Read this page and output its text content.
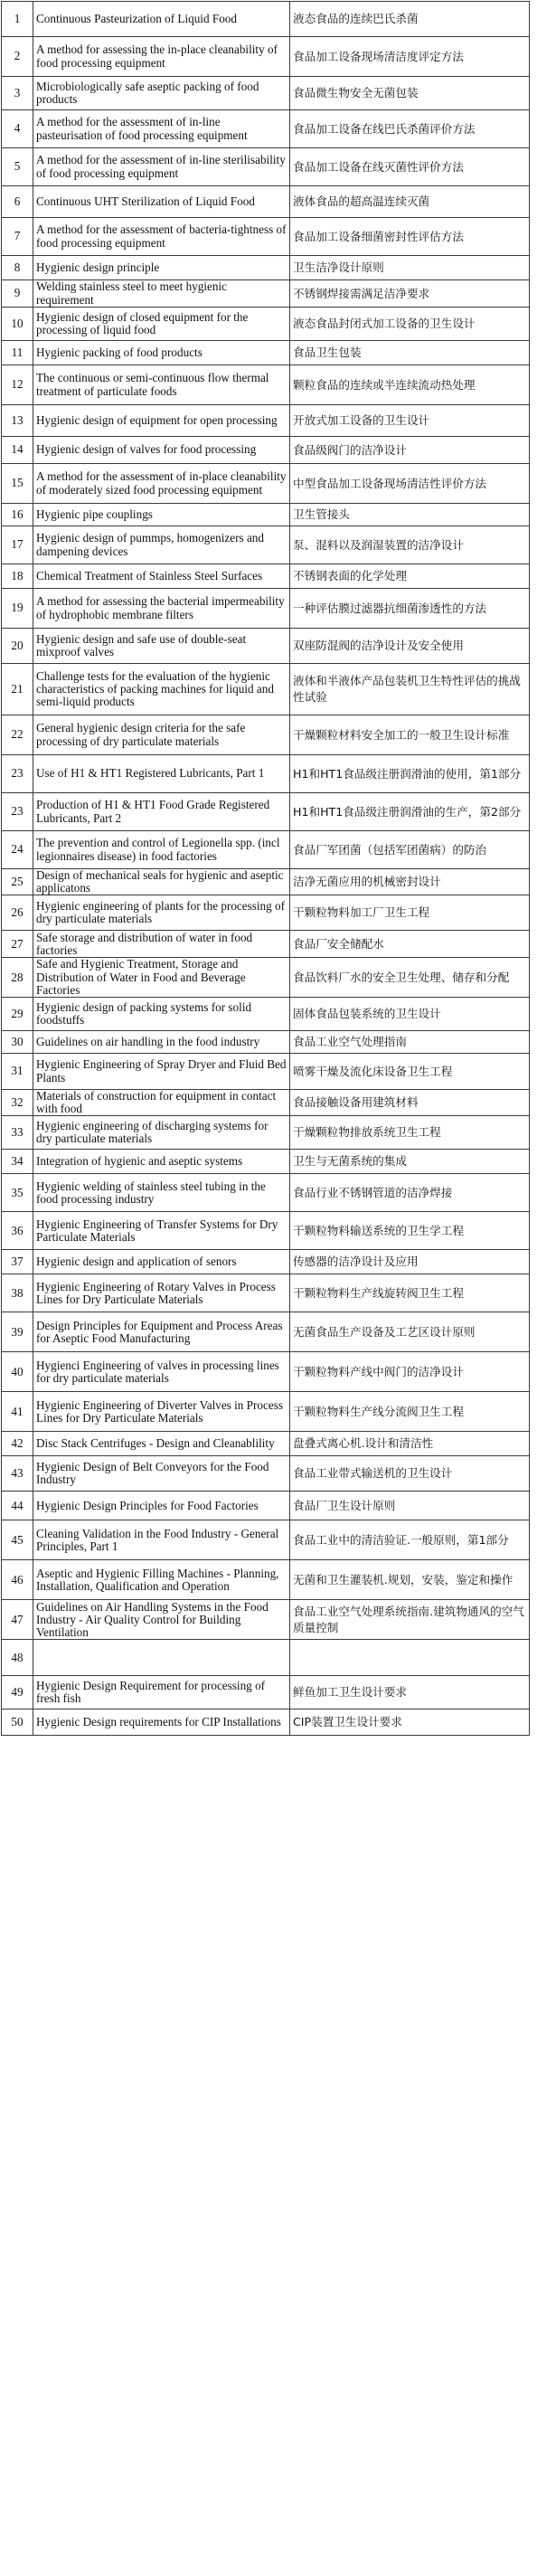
1	Continuous Pasteurization of Liquid Food	液态食品的连续巴氏杀菌
2	A method for assessing the in-place cleanability of food processing equipment	食品加工设备现场清洁度评定方法
3	Microbiologically safe aseptic packing of food products	食品微生物安全无菌包装
4	A method for the assessment of in-line pasteurisation of food processing equipment	食品加工设备在线巴氏杀菌评价方法
5	A method for the assessment of in-line sterilisability of food processing equipment	食品加工设备在线灭菌性评价方法
6	Continuous UHT Sterilization of Liquid Food	液体食品的超高温连续灭菌
7	A method for the assessment of bacteria-tightness of food processing equipment	食品加工设备细菌密封性评估方法
8	Hygienic design principle	卫生洁净设计原则
9	Welding stainless steel to meet hygienic requirement	不锈钢焊接需满足洁净要求
10	Hygienic design of closed equipment for the processing of liquid food	液态食品封闭式加工设备的卫生设计
11	Hygienic packing of food products	食品卫生包装
12	The continuous or semi-continuous flow thermal treatment of particulate foods	颗粒食品的连续或半连续流动热处理
13	Hygienic design of equipment for open processing	开放式加工设备的卫生设计
14	Hygienic design of valves for food processing	食品级阀门的洁净设计
15	A method for the assessment of in-place cleanability of moderately sized food processing equipment	中型食品加工设备现场清洁性评价方法
16	Hygienic pipe couplings	卫生管接头
17	Hygienic design of pummps, homogenizers and dampening devices	泵、混料以及润湿装置的洁净设计
18	Chemical Treatment of Stainless Steel Surfaces	不锈钢表面的化学处理
19	A method for assessing the bacterial impermeability of hydrophobic membrane filters	一种评估膜过滤器抗细菌渗透性的方法
20	Hygienic design and safe use of double-seat mixproof valves	双座防混阀的洁净设计及安全使用
21	Challenge tests for the evaluation of the hygienic characteristics of packing machines for liquid and semi-liquid products	液体和半液体产品包装机卫生特性评估的挑战性试验
22	General hygienic design criteria for the safe processing of dry particulate materials	干燥颗粒材料安全加工的一般卫生设计标准
23	Use of H1 & HT1 Registered Lubricants, Part 1	H1和HT1食品级注册润滑油的使用，第1部分
23	Production of H1 & HT1 Food Grade Registered Lubricants, Part 2	H1和HT1食品级注册润滑油的生产，第2部分
24	The prevention and control of Legionella spp. (incl legionnaires disease) in food factories	食品厂军团菌（包括军团菌病）的防治
25	Design of mechanical seals for hygienic and aseptic applicatons	洁净无菌应用的机械密封设计
26	Hygienic engineering of plants for the processing of dry particulate materials	干颗粒物料加工厂卫生工程
27	Safe storage and distribution of water in food factories	食品厂安全储配水
28	Safe and Hygienic Treatment, Storage and Distribution of Water in Food and Beverage Factories	食品饮料厂水的安全卫生处理、储存和分配
29	Hygienic design of packing systems for solid foodstuffs	固体食品包装系统的卫生设计
30	Guidelines on air handling in the food industry	食品工业空气处理指南
31	Hygienic Engineering of Spray Dryer and Fluid Bed Plants	喷雾干燥及流化床设备卫生工程
32	Materials of construction for equipment in contact with food	食品接触设备用建筑材料
33	Hygienic engineering of discharging systems for dry particulate materials	干燥颗粒物排放系统卫生工程
34	Integration of hygienic and aseptic systems	卫生与无菌系统的集成
35	Hygienic welding of stainless steel tubing in the food processing industry	食品行业不锈钢管道的洁净焊接
36	Hygienic Engineering of Transfer Systems for Dry Particulate Materials	干颗粒物料输送系统的卫生学工程
37	Hygienic design and application of senors	传感器的洁净设计及应用
38	Hygienic Engineering of Rotary Valves in Process Lines for Dry Particulate Materials	干颗粒物料生产线旋转阀卫生工程
39	Design Principles for Equipment and Process Areas for Aseptic Food Manufacturing	无菌食品生产设备及工艺区设计原则
40	Hygienci Engineering of valves in processing lines for dry particulate materials	干颗粒物料产线中阀门的洁净设计
41	Hygienic Engineering of Diverter Valves in Process Lines for Dry Particulate Materials	干颗粒物料生产线分流阀卫生工程
42	Disc Stack Centrifuges - Design and Cleanablility	盘叠式离心机.设计和清洁性
43	Hygienic Design of Belt Conveyors for the Food Industry	食品工业带式输送机的卫生设计
44	Hygienic Design Principles for Food Factories	食品厂卫生设计原则
45	Cleaning Validation in the Food Industry - General Principles, Part 1	食品工业中的清洁验证.一般原则，第1部分
46	Aseptic and Hygienic Filling Machines - Planning, Installation, Qualification and Operation	无菌和卫生灌装机.规划，安装，鉴定和操作
47	Guidelines on Air Handling Systems in the Food Industry - Air Quality Control for Building Ventilation	食品工业空气处理系统指南.建筑物通风的空气质量控制
48		
49	Hygienic Design Requirement for processing of fresh fish	鲜鱼加工卫生设计要求
50	Hygienic Design requirements for CIP Installations	CIP装置卫生设计要求
